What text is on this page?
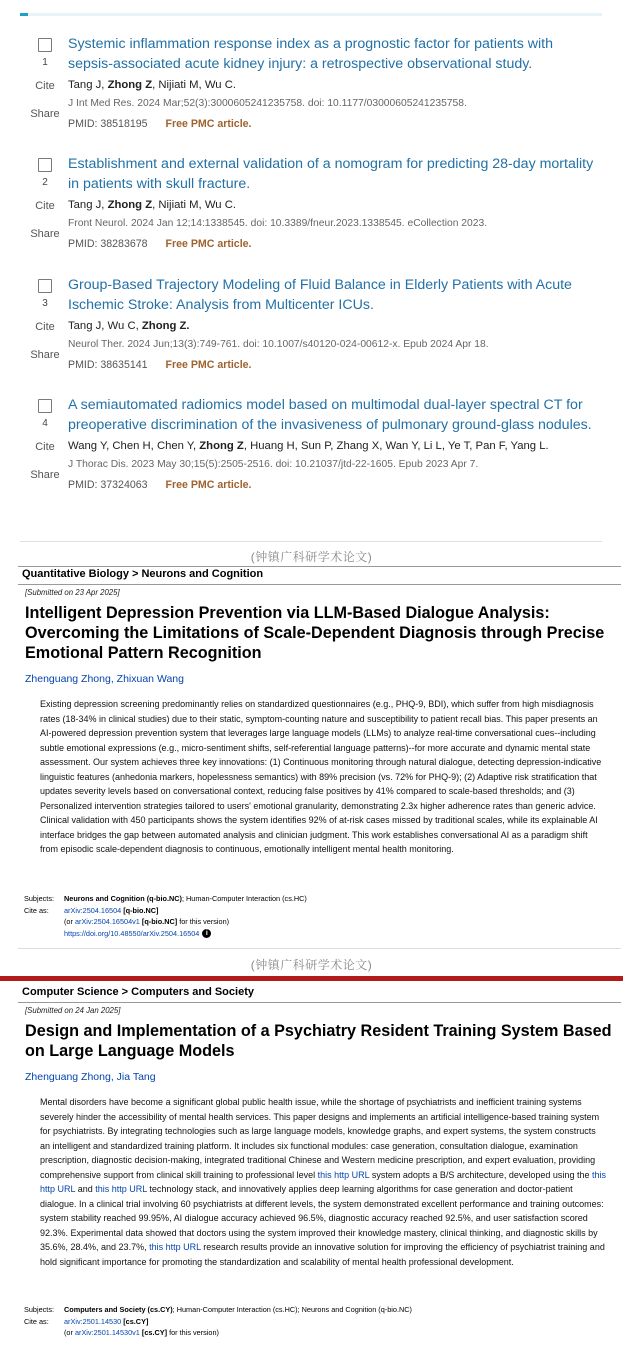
1
Cite
Share

Systemic inflammation response index as a prognostic factor for patients with sepsis-associated acute kidney injury: a retrospective observational study.

Tang J, Zhong Z, Nijiati M, Wu C.
J Int Med Res. 2024 Mar;52(3):3000605241235758. doi: 10.1177/03000605241235758.
PMID: 38518195 Free PMC article.
2
Cite
Share

Establishment and external validation of a nomogram for predicting 28-day mortality in patients with skull fracture.

Tang J, Zhong Z, Nijiati M, Wu C.
Front Neurol. 2024 Jan 12;14:1338545. doi: 10.3389/fneur.2023.1338545. eCollection 2023.
PMID: 38283678 Free PMC article.
3
Cite
Share

Group-Based Trajectory Modeling of Fluid Balance in Elderly Patients with Acute Ischemic Stroke: Analysis from Multicenter ICUs.

Tang J, Wu C, Zhong Z.
Neurol Ther. 2024 Jun;13(3):749-761. doi: 10.1007/s40120-024-00612-x. Epub 2024 Apr 18.
PMID: 38635141 Free PMC article.
4
Cite
Share

A semiautomated radiomics model based on multimodal dual-layer spectral CT for preoperative discrimination of the invasiveness of pulmonary ground-glass nodules.

Wang Y, Chen H, Chen Y, Zhong Z, Huang H, Sun P, Zhang X, Wan Y, Li L, Ye T, Pan F, Yang L.
J Thorac Dis. 2023 May 30;15(5):2505-2516. doi: 10.21037/jtd-22-1605. Epub 2023 Apr 7.
PMID: 37324063 Free PMC article.
(钟镇广科研学术论文)
Quantitative Biology > Neurons and Cognition
[Submitted on 23 Apr 2025]
Intelligent Depression Prevention via LLM-Based Dialogue Analysis: Overcoming the Limitations of Scale-Dependent Diagnosis through Precise Emotional Pattern Recognition
Zhenguang Zhong, Zhixuan Wang

Existing depression screening predominantly relies on standardized questionnaires (e.g., PHQ-9, BDI), which suffer from high misdiagnosis rates (18-34% in clinical studies) due to their static, symptom-counting nature and susceptibility to patient recall bias. This paper presents an AI-powered depression prevention system that leverages large language models (LLMs) to analyze real-time conversational cues--including subtle emotional expressions (e.g., micro-sentiment shifts, self-referential language patterns)--for more accurate and dynamic mental state assessment. Our system achieves three key innovations: (1) Continuous monitoring through natural dialogue, detecting depression-indicative linguistic features (anhedonia markers, hopelessness semantics) with 89% precision (vs. 72% for PHQ-9); (2) Adaptive risk stratification that updates severity levels based on conversational context, reducing false positives by 41% compared to scale-based thresholds; and (3) Personalized intervention strategies tailored to users' emotional granularity, demonstrating 2.3x higher adherence rates than generic advice. Clinical validation with 450 participants shows the system identifies 92% of at-risk cases missed by traditional scales, while its explainable AI interface bridges the gap between automated analysis and clinician judgment. This work establishes conversational AI as a paradigm shift from episodic scale-dependent diagnosis to continuous, emotionally intelligent mental health monitoring.

Subjects: Neurons and Cognition (q-bio.NC); Human-Computer Interaction (cs.HC)
Cite as: arXiv:2504.16504 [q-bio.NC]
(or arXiv:2504.16504v1 [q-bio.NC] for this version)
https://doi.org/10.48550/arXiv.2504.16504 i
(钟镇广科研学术论文)
Computer Science > Computers and Society
[Submitted on 24 Jan 2025]
Design and Implementation of a Psychiatry Resident Training System Based on Large Language Models
Zhenguang Zhong, Jia Tang

Mental disorders have become a significant global public health issue, while the shortage of psychiatrists and inefficient training systems severely hinder the accessibility of mental health services. This paper designs and implements an artificial intelligence-based training system for psychiatrists. By integrating technologies such as large language models, knowledge graphs, and expert systems, the system constructs an intelligent and standardized training platform. It includes six functional modules: case generation, consultation dialogue, examination prescription, diagnostic decision-making, integrated traditional Chinese and Western medicine prescription, and expert evaluation, providing comprehensive support from clinical skill training to professional level this http URL system adopts a B/S architecture, developed using the this http URL and this http URL technology stack, and innovatively applies deep learning algorithms for case generation and doctor-patient dialogue. In a clinical trial involving 60 psychiatrists at different levels, the system demonstrated excellent performance and training outcomes: system stability reached 99.95%, AI dialogue accuracy achieved 96.5%, diagnostic accuracy reached 92.5%, and user satisfaction scored 92.3%. Experimental data showed that doctors using the system improved their knowledge mastery, clinical thinking, and diagnostic skills by 35.6%, 28.4%, and 23.7%, this http URL research results provide an innovative solution for improving the efficiency of psychiatrist training and hold significant importance for promoting the standardization and scalability of mental health professional development.

Subjects: Computers and Society (cs.CY); Human-Computer Interaction (cs.HC); Neurons and Cognition (q-bio.NC)
Cite as: arXiv:2501.14530 [cs.CY]
(or arXiv:2501.14530v1 [cs.CY] for this version)
